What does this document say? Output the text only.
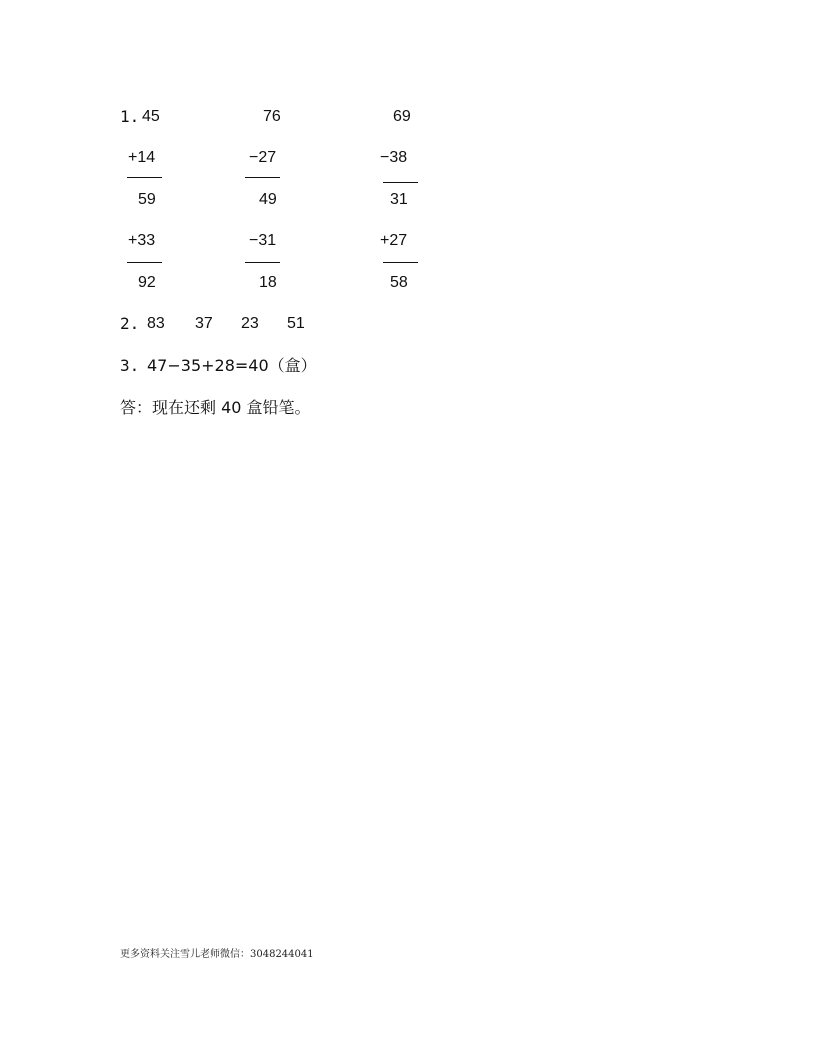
1. 45
+14
59
+33
92
76
−27
49
−31
18
69
−38
31
+27
58
2. 83 37 23 51
3. 47−35+28=40（盒）
答：现在还剩 40 盒铅笔。
更多资料关注雪儿老师微信：3048244041
